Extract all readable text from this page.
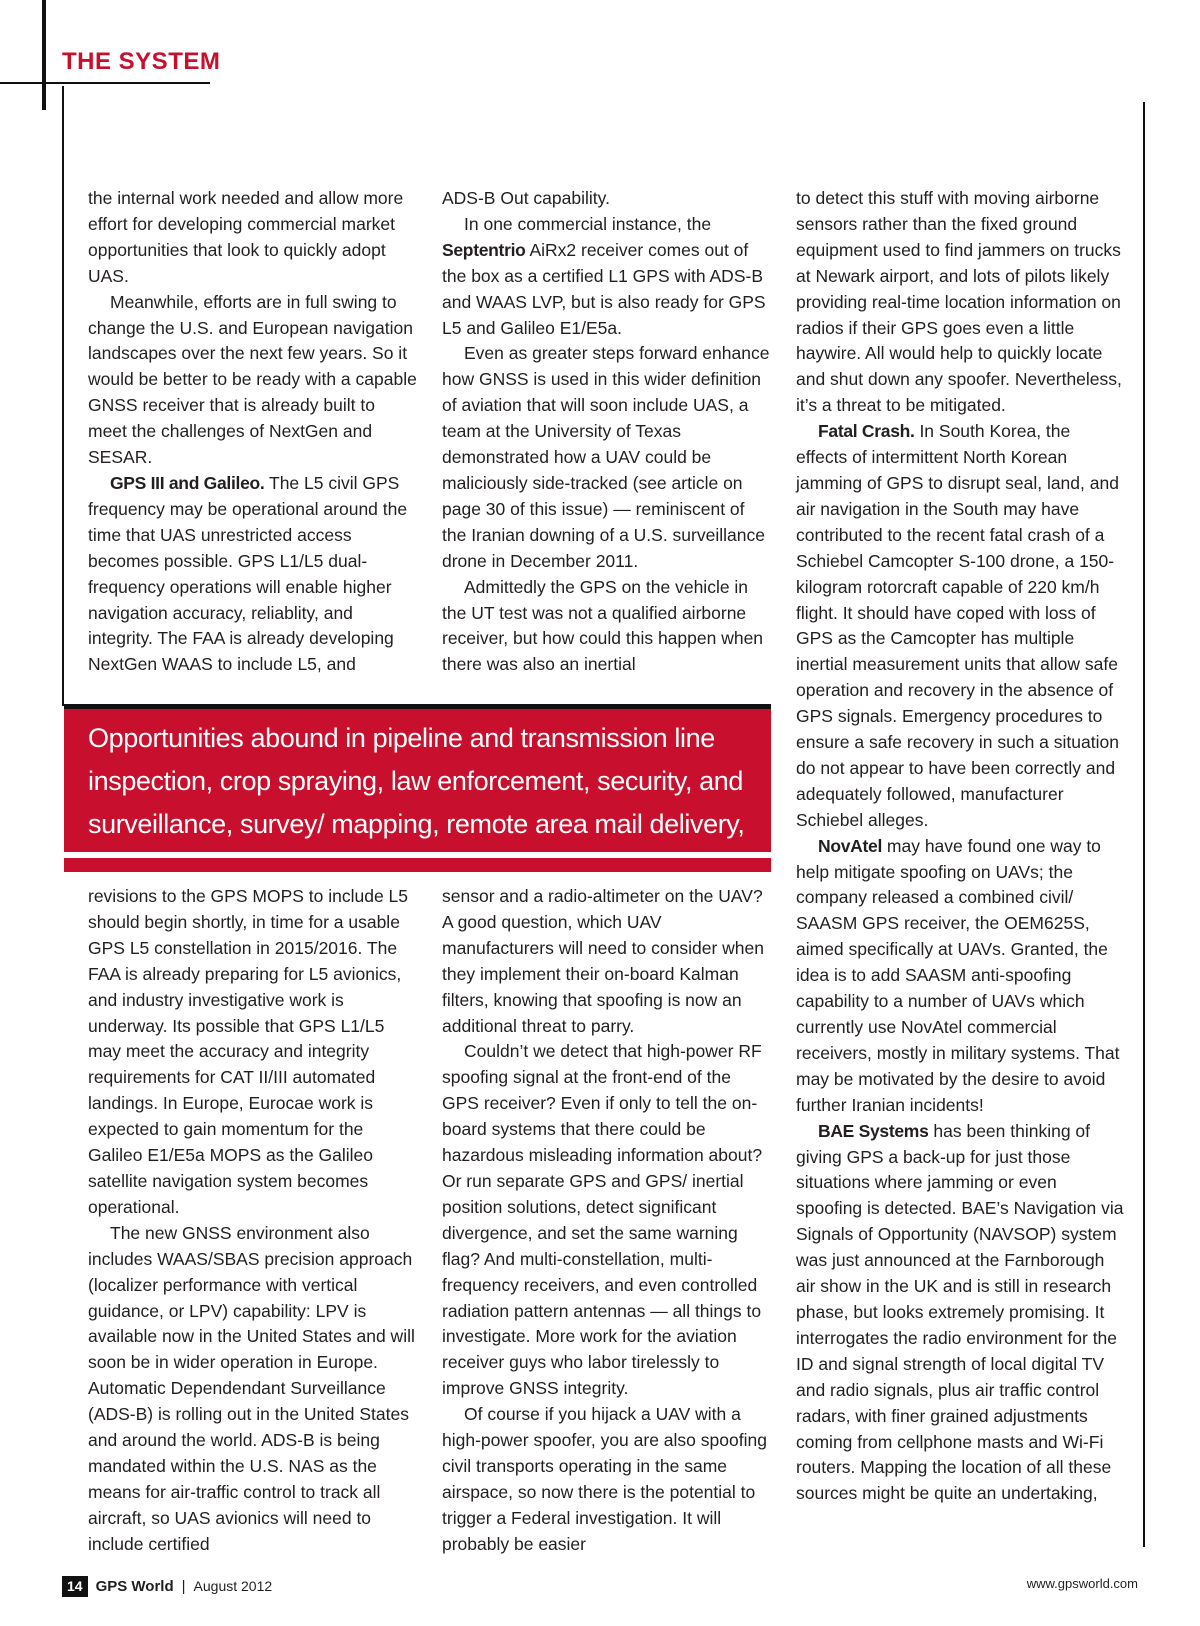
THE SYSTEM

the internal work needed and allow more effort for developing commercial market opportunities that look to quickly adopt UAS.

Meanwhile, efforts are in full swing to change the U.S. and European navigation landscapes over the next few years. So it would be better to be ready with a capable GNSS receiver that is already built to meet the challenges of NextGen and SESAR.

GPS III and Galileo. The L5 civil GPS frequency may be operational around the time that UAS unrestricted access becomes possible. GPS L1/L5 dual-frequency operations will enable higher navigation accuracy, reliablity, and integrity. The FAA is already developing NextGen WAAS to include L5, and

ADS-B Out capability.

In one commercial instance, the Septentrio AiRx2 receiver comes out of the box as a certified L1 GPS with ADS-B and WAAS LVP, but is also ready for GPS L5 and Galileo E1/E5a.

Even as greater steps forward enhance how GNSS is used in this wider definition of aviation that will soon include UAS, a team at the University of Texas demonstrated how a UAV could be maliciously side-tracked (see article on page 30 of this issue) — reminiscent of the Iranian downing of a U.S. surveillance drone in December 2011.

Admittedly the GPS on the vehicle in the UT test was not a qualified airborne receiver, but how could this happen when there was also an inertial

to detect this stuff with moving airborne sensors rather than the fixed ground equipment used to find jammers on trucks at Newark airport, and lots of pilots likely providing real-time location information on radios if their GPS goes even a little haywire. All would help to quickly locate and shut down any spoofer. Nevertheless, it’s a threat to be mitigated.

Fatal Crash. In South Korea, the effects of intermittent North Korean jamming of GPS to disrupt seal, land, and air navigation in the South may have contributed to the recent fatal crash of a Schiebel Camcopter S-100 drone, a 150-kilogram rotorcraft capable of 220 km/h flight. It should have coped with loss of GPS as the Camcopter has multiple inertial measurement units that allow safe operation and recovery in the absence of GPS signals. Emergency procedures to ensure a safe recovery in such a situation do not appear to have been correctly and adequately followed, manufacturer Schiebel alleges.

NovAtel may have found one way to help mitigate spoofing on UAVs; the company released a combined civil/ SAASM GPS receiver, the OEM625S, aimed specifically at UAVs. Granted, the idea is to add SAASM anti-spoofing capability to a number of UAVs which currently use NovAtel commercial receivers, mostly in military systems. That may be motivated by the desire to avoid further Iranian incidents!

BAE Systems has been thinking of giving GPS a back-up for just those situations where jamming or even spoofing is detected. BAE’s Navigation via Signals of Opportunity (NAVSOP) system was just announced at the Farnborough air show in the UK and is still in research phase, but looks extremely promising. It interrogates the radio environment for the ID and signal strength of local digital TV and radio signals, plus air traffic control radars, with finer grained adjustments coming from cellphone masts and Wi-Fi routers. Mapping the location of all these sources might be quite an undertaking,

Opportunities abound in pipeline and transmission line inspection, crop spraying, law enforcement, security, and surveillance, survey/ mapping, remote area mail delivery,

revisions to the GPS MOPS to include L5 should begin shortly, in time for a usable GPS L5 constellation in 2015/2016. The FAA is already preparing for L5 avionics, and industry investigative work is underway. Its possible that GPS L1/L5 may meet the accuracy and integrity requirements for CAT II/III automated landings. In Europe, Eurocae work is expected to gain momentum for the Galileo E1/E5a MOPS as the Galileo satellite navigation system becomes operational.

The new GNSS environment also includes WAAS/SBAS precision approach (localizer performance with vertical guidance, or LPV) capability: LPV is available now in the United States and will soon be in wider operation in Europe. Automatic Dependendant Surveillance (ADS-B) is rolling out in the United States and around the world. ADS-B is being mandated within the U.S. NAS as the means for air-traffic control to track all aircraft, so UAS avionics will need to include certified

sensor and a radio-altimeter on the UAV? A good question, which UAV manufacturers will need to consider when they implement their on-board Kalman filters, knowing that spoofing is now an additional threat to parry.

Couldn’t we detect that high-power RF spoofing signal at the front-end of the GPS receiver? Even if only to tell the on-board systems that there could be hazardous misleading information about? Or run separate GPS and GPS/ inertial position solutions, detect significant divergence, and set the same warning flag? And multi-constellation, multi-frequency receivers, and even controlled radiation pattern antennas — all things to investigate. More work for the aviation receiver guys who labor tirelessly to improve GNSS integrity.

Of course if you hijack a UAV with a high-power spoofer, you are also spoofing civil transports operating in the same airspace, so now there is the potential to trigger a Federal investigation. It will probably be easier

14 GPS World | August 2012	www.gpsworld.com
